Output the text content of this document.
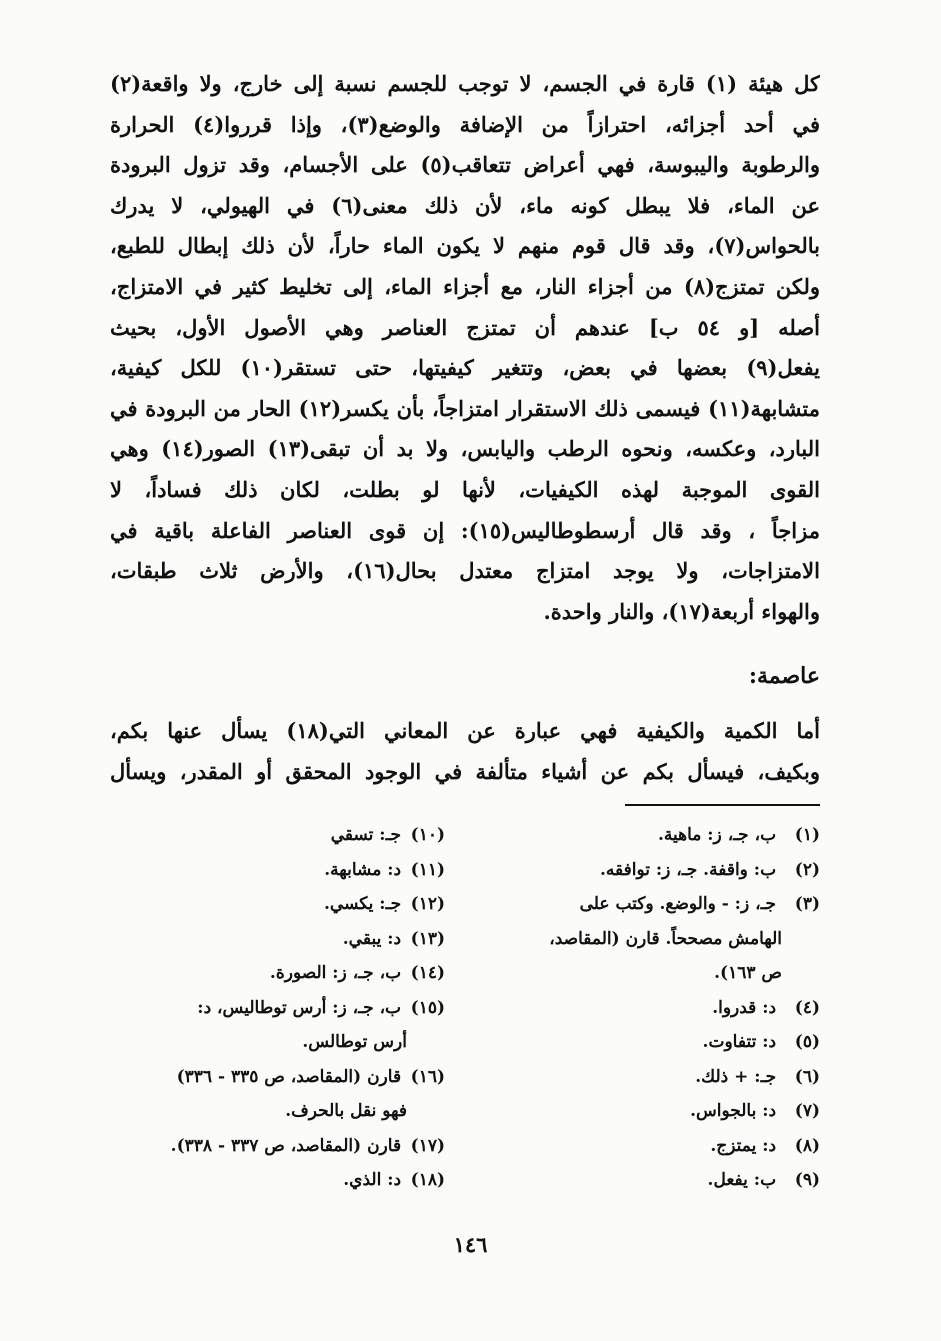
كل هيئة (١) قارة في الجسم، لا توجب للجسم نسبة إلى خارج، ولا واقعة(٢)
في أحد أجزائه، احترازاً من الإضافة والوضع(٣)، وإذا قرروا(٤) الحرارة
والرطوبة واليبوسة، فهي أعراض تتعاقب(٥) على الأجسام، وقد تزول البرودة
عن الماء، فلا يبطل كونه ماء، لأن ذلك معنى(٦) في الهيولي، لا يدرك
بالحواس(٧)، وقد قال قوم منهم لا يكون الماء حاراً، لأن ذلك إبطال للطبع،
ولكن تمتزج(٨) من أجزاء النار، مع أجزاء الماء، إلى تخليط كثير في الامتزاج،
أصله [و ٥٤ ب] عندهم أن تمتزج العناصر وهي الأصول الأول، بحيث
يفعل(٩) بعضها في بعض، وتتغير كيفيتها، حتى تستقر(١٠) للكل كيفية،
متشابهة(١١) فيسمى ذلك الاستقرار امتزاجاً، بأن يكسر(١٢) الحار من البرودة في
البارد، وعكسه، ونحوه الرطب واليابس، ولا بد أن تبقى(١٣) الصور(١٤) وهي
القوى الموجبة لهذه الكيفيات، لأنها لو بطلت، لكان ذلك فساداً، لا
مزاجاً ، وقد قال أرسطوطاليس(١٥): إن قوى العناصر الفاعلة باقية في
الامتزاجات، ولا يوجد امتزاج معتدل بحال(١٦)، والأرض ثلاث طبقات،
والهواء أربعة(١٧)، والنار واحدة.
عاصمة:
أما الكمية والكيفية فهي عبارة عن المعاني التي(١٨) يسأل عنها بكم،
وبكيف، فيسأل بكم عن أشياء متألفة في الوجود المحقق أو المقدر، ويسأل
(١) ب، جـ، ز: ماهية.
(٢) ب: واقفة. جـ، ز: توافقه.
(٣) جـ، ز: - والوضع. وكتب على
الهامش مصححاً. قارن (المقاصد،
ص ١٦٣).
(٤) د: قدروا.
(٥) د: تتفاوت.
(٦) جـ: + ذلك.
(٧) د: بالجواس.
(٨) د: يمتزج.
(٩) ب: يفعل.
(١٠) جـ: تسقي
(١١) د: مشابهة.
(١٢) جـ: يكسي.
(١٣) د: يبقي.
(١٤) ب، جـ، ز: الصورة.
(١٥) ب، جـ، ز: أرس توطاليس، د:
أرس توطالس.
(١٦) قارن (المقاصد، ص ٣٣٥ - ٣٣٦)
فهو نقل بالحرف.
(١٧) قارن (المقاصد، ص ٣٣٧ - ٣٣٨).
(١٨) د: الذي.
١٤٦
